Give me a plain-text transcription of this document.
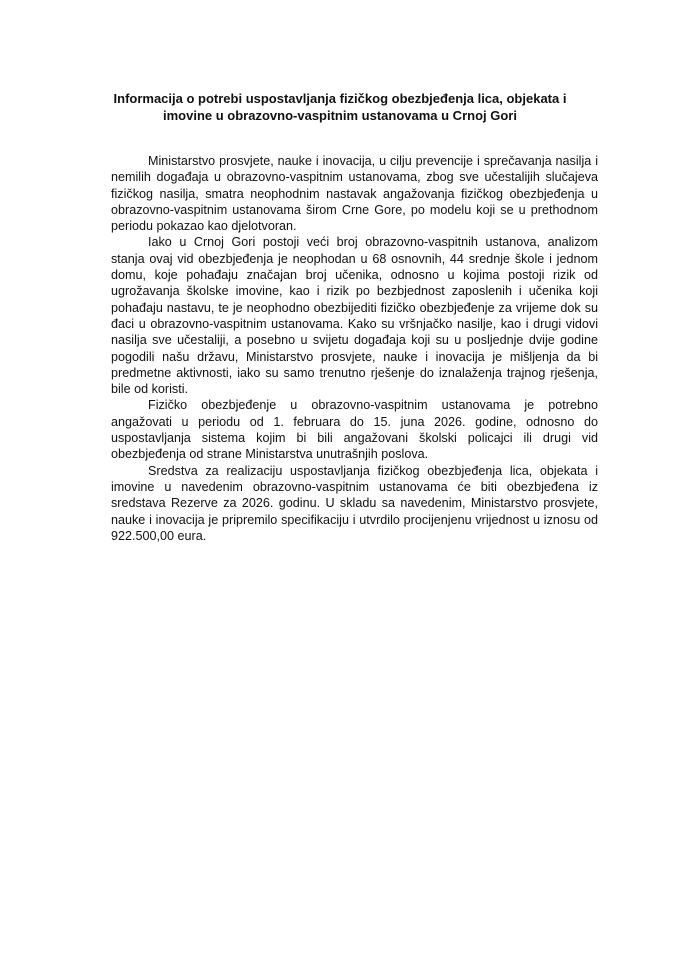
Informacija o potrebi uspostavljanja fizičkog obezbjeđenja lica, objekata i
imovine u obrazovno-vaspitnim ustanovama u Crnoj Gori

Ministarstvo prosvjete, nauke i inovacija, u cilju prevencije i sprečavanja nasilja i nemilih događaja u obrazovno-vaspitnim ustanovama, zbog sve učestalijih slučajeva fizičkog nasilja, smatra neophodnim nastavak angažovanja fizičkog obezbjeđenja u obrazovno-vaspitnim ustanovama širom Crne Gore, po modelu koji se u prethodnom periodu pokazao kao djelotvoran.

Iako u Crnoj Gori postoji veći broj obrazovno-vaspitnih ustanova, analizom stanja ovaj vid obezbjeđenja je neophodan u 68 osnovnih, 44 srednje škole i jednom domu, koje pohađaju značajan broj učenika, odnosno u kojima postoji rizik od ugrožavanja školske imovine, kao i rizik po bezbjednost zaposlenih i učenika koji pohađaju nastavu, te je neophodno obezbijediti fizičko obezbjeđenje za vrijeme dok su đaci u obrazovno-vaspitnim ustanovama. Kako su vršnjačko nasilje, kao i drugi vidovi nasilja sve učestaliji, a posebno u svijetu događaja koji su u posljednje dvije godine pogodili našu državu, Ministarstvo prosvjete, nauke i inovacija je mišljenja da bi predmetne aktivnosti, iako su samo trenutno rješenje do iznalaženja trajnog rješenja, bile od koristi.

Fizičko obezbjeđenje u obrazovno-vaspitnim ustanovama je potrebno angažovati u periodu od 1. februara do 15. juna 2026. godine, odnosno do uspostavljanja sistema kojim bi bili angažovani školski policajci ili drugi vid obezbjeđenja od strane Ministarstva unutrašnjih poslova.

Sredstva za realizaciju uspostavljanja fizičkog obezbjeđenja lica, objekata i imovine u navedenim obrazovno-vaspitnim ustanovama će biti obezbjeđena iz sredstava Rezerve za 2026. godinu. U skladu sa navedenim, Ministarstvo prosvjete, nauke i inovacija je pripremilo specifikaciju i utvrdilo procijenjenu vrijednost u iznosu od 922.500,00 eura.
